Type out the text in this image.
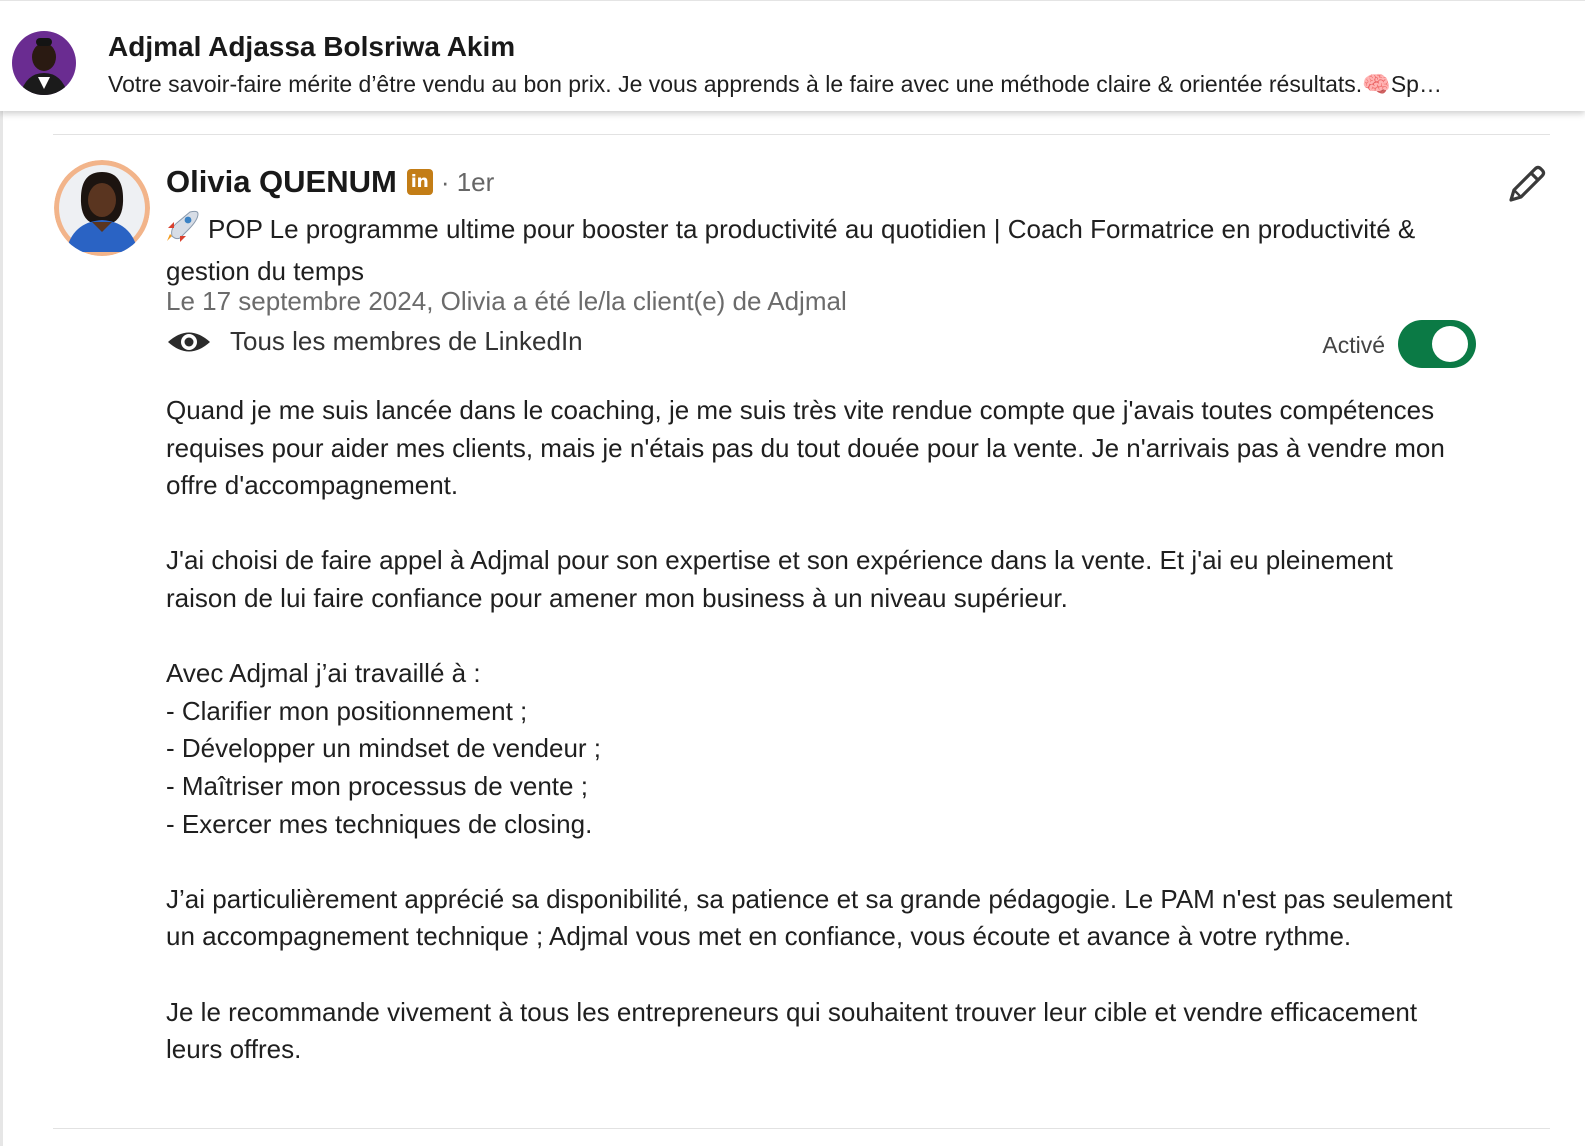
Adjmal Adjassa Bolsriwa Akim
Votre savoir-faire mérite d’être vendu au bon prix. Je vous apprends à le faire avec une méthode claire & orientée résultats.🧠Sp…
Olivia QUENUM in · 1er
POP Le programme ultime pour booster ta productivité au quotidien | Coach Formatrice en productivité & gestion du temps
Le 17 septembre 2024, Olivia a été le/la client(e) de Adjmal
Tous les membres de LinkedIn	Activé

Quand je me suis lancée dans le coaching, je me suis très vite rendue compte que j'avais toutes compétences requises pour aider mes clients, mais je n'étais pas du tout douée pour la vente. Je n'arrivais pas à vendre mon offre d'accompagnement.

J'ai choisi de faire appel à Adjmal pour son expertise et son expérience dans la vente. Et j'ai eu pleinement raison de lui faire confiance pour amener mon business à un niveau supérieur.

Avec Adjmal j’ai travaillé à :
- Clarifier mon positionnement ;
- Développer un mindset de vendeur ;
- Maîtriser mon processus de vente ;
- Exercer mes techniques de closing.

J’ai particulièrement apprécié sa disponibilité, sa patience et sa grande pédagogie. Le PAM n'est pas seulement un accompagnement technique ; Adjmal vous met en confiance, vous écoute et avance à votre rythme.

Je le recommande vivement à tous les entrepreneurs qui souhaitent trouver leur cible et vendre efficacement leurs offres.
